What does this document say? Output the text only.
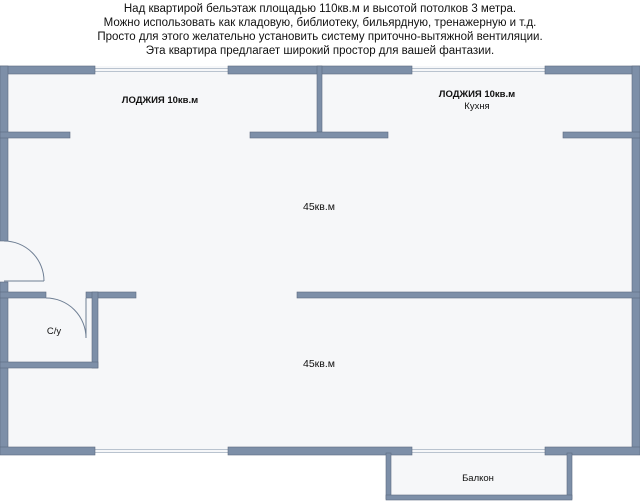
Над квартирой бельэтаж площадью 110кв.м и высотой потолков 3 метра.
Можно использовать как кладовую, библиотеку, бильярдную, тренажерную и т.д.
Просто для этого желательно установить систему приточно-вытяжной вентиляции.
Эта квартира предлагает широкий простор для вашей фантазии.
ЛОДЖИЯ 10кв.м
ЛОДЖИЯ 10кв.м
Кухня
45кв.м
45кв.м
С/у
Балкон
